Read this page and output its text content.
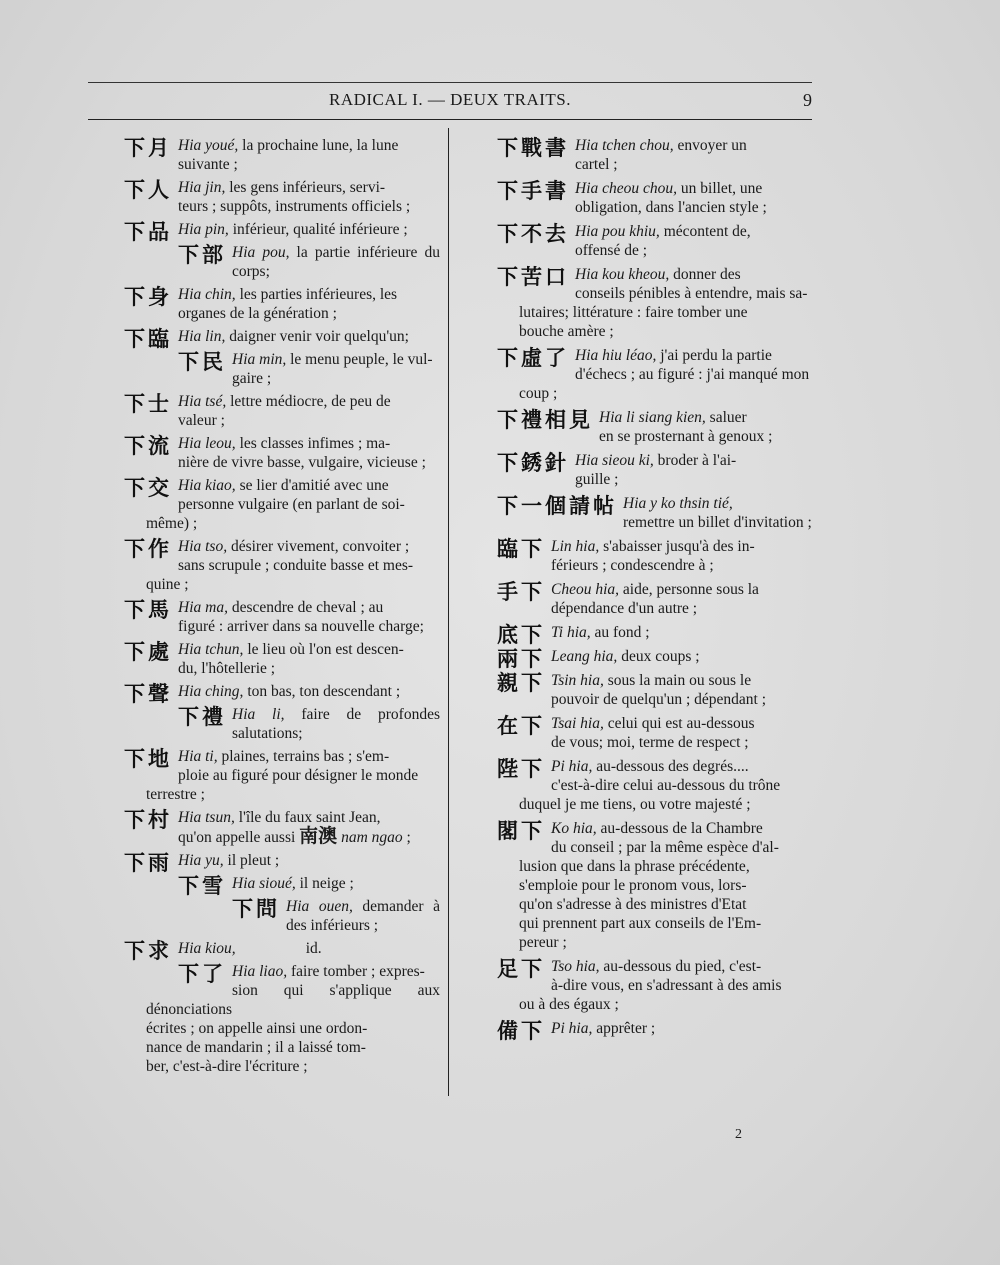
RADICAL I. — DEUX TRAITS.	9
下月 Hia youé, la prochaine lune, la lune
suivante ;
下人 Hia jin, les gens inférieurs, servi-
teurs ; suppôts, instruments officiels ;
下品 Hia pin, inférieur, qualité inférieure ;
下部 Hia pou, la partie inférieure du corps;
下身 Hia chin, les parties inférieures, les
organes de la génération ;
下臨 Hia lin, daigner venir voir quelqu'un;
下民 Hia min, le menu peuple, le vul-
gaire ;
下士 Hia tsé, lettre médiocre, de peu de
valeur ;
下流 Hia leou, les classes infimes ; ma-
nière de vivre basse, vulgaire, vicieuse ;
下交 Hia kiao, se lier d'amitié avec une
personne vulgaire (en parlant de soi-
même) ;
下作 Hia tso, désirer vivement, convoiter ;
sans scrupule ; conduite basse et mes-
quine ;
下馬 Hia ma, descendre de cheval ; au
figuré : arriver dans sa nouvelle charge;
下處 Hia tchun, le lieu où l'on est descen-
du, l'hôtellerie ;
下聲 Hia ching, ton bas, ton descendant ;
下禮 Hia li, faire de profondes salutations;
下地 Hia ti, plaines, terrains bas ; s'em-
ploie au figuré pour désigner le monde
terrestre ;
下村 Hia tsun, l'île du faux saint Jean,
qu'on appelle aussi 南澳 nam ngao ;
下雨 Hia yu, il pleut ;
下雪 Hia sioué, il neige ;
下問 Hia ouen, demander à des inférieurs ;
下求 Hia kiou,	id.
下了 Hia liao, faire tomber ; expres-
sion qui s'applique aux dénonciations
écrites ; on appelle ainsi une ordon-
nance de mandarin ; il a laissé tom-
ber, c'est-à-dire l'écriture ;
下戰書 Hia tchen chou, envoyer un
cartel ;
下手書 Hia cheou chou, un billet, une
obligation, dans l'ancien style ;
下不去 Hia pou khiu, mécontent de,
offensé de ;
下苦口 Hia kou kheou, donner des
conseils pénibles à entendre, mais sa-
lutaires; littérature : faire tomber une
bouche amère ;
下虛了 Hia hiu léao, j'ai perdu la partie
d'échecs ; au figuré : j'ai manqué mon
coup ;
下禮相見 Hia li siang kien, saluer
en se prosternant à genoux ;
下銹針 Hia sieou ki, broder à l'ai-
guille ;
下一個請帖 Hia y ko thsin tié,
remettre un billet d'invitation ;
臨下 Lin hia, s'abaisser jusqu'à des in-
férieurs ; condescendre à ;
手下 Cheou hia, aide, personne sous la
dépendance d'un autre ;
底下 Ti hia, au fond ;
兩下 Leang hia, deux coups ;
親下 Tsin hia, sous la main ou sous le
pouvoir de quelqu'un ; dépendant ;
在下 Tsai hia, celui qui est au-dessous
de vous; moi, terme de respect ;
陛下 Pi hia, au-dessous des degrés....
c'est-à-dire celui au-dessous du trône
duquel je me tiens, ou votre majesté ;
閣下 Ko hia, au-dessous de la Chambre
du conseil ; par la même espèce d'al-
lusion que dans la phrase précédente,
s'emploie pour le pronom vous, lors-
qu'on s'adresse à des ministres d'Etat
qui prennent part aux conseils de l'Em-
pereur ;
足下 Tso hia, au-dessous du pied, c'est-
à-dire vous, en s'adressant à des amis
ou à des égaux ;
備下 Pi hia, apprêter ;
2
